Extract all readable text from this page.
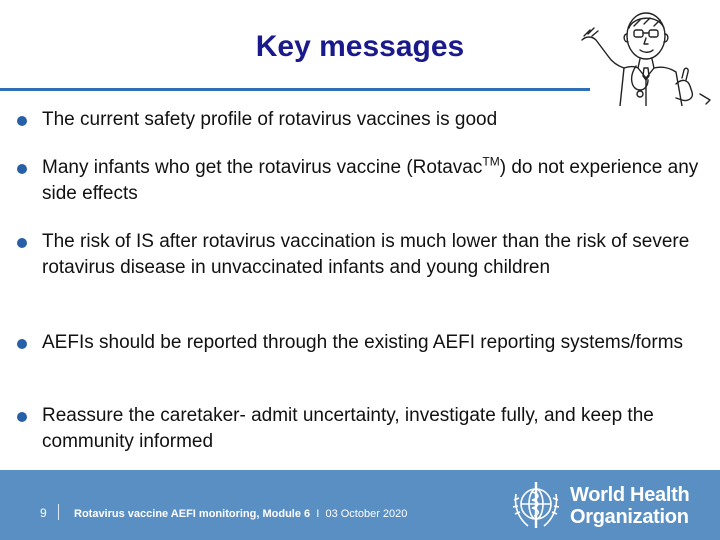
Key messages
The current safety profile of rotavirus vaccines is good
Many infants who get the rotavirus vaccine (Rotavac™) do not experience any side effects
The risk of IS after rotavirus vaccination is much lower than the risk of severe rotavirus disease in unvaccinated infants and young children
AEFIs should be reported through the existing AEFI reporting systems/forms
Reassure the caretaker- admit uncertainty, investigate fully, and keep the community informed
9 Rotavirus vaccine AEFI monitoring, Module 6 I 03 October 2020
World Health
Organization
